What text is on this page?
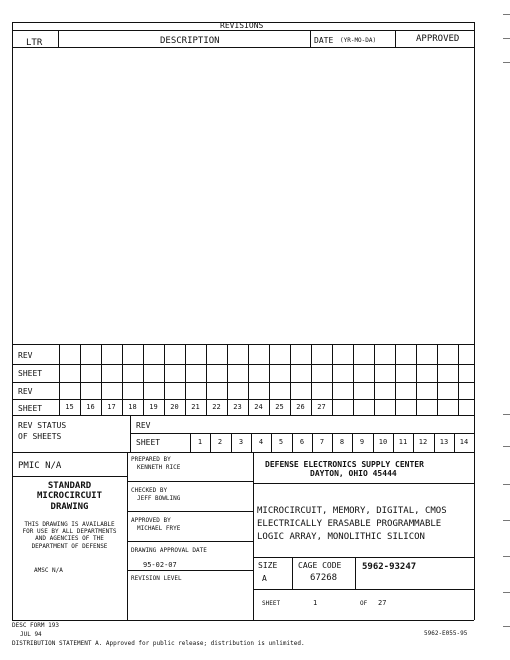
REVISIONS
LTR	DESCRIPTION	DATE (YR-MO-DA)	APPROVED
REV
SHEET
REV
SHEET	15	16	17	18	19	20	21	22	23	24	25	26	27
REV STATUS
OF SHEETS
REV
SHEET	1	2	3	4	5	6	7	8	9	10	11	12	13	14
PMIC N/A
STANDARD
MICROCIRCUIT
DRAWING
THIS DRAWING IS AVAILABLE
FOR USE BY ALL DEPARTMENTS
AND AGENCIES OF THE
DEPARTMENT OF DEFENSE
AMSC N/A
PREPARED BY
KENNETH RICE
CHECKED BY
JEFF BOWLING
APPROVED BY
MICHAEL FRYE
DRAWING APPROVAL DATE
95-02-07
REVISION LEVEL
DEFENSE ELECTRONICS SUPPLY CENTER
DAYTON, OHIO 45444
MICROCIRCUIT, MEMORY, DIGITAL, CMOS
ELECTRICALLY ERASABLE PROGRAMMABLE
LOGIC ARRAY, MONOLITHIC SILICON
SIZE
A
CAGE CODE
67268
5962-93247
SHEET	1	OF 27
DESC FORM 193
JUL 94
DISTRIBUTION STATEMENT A. Approved for public release; distribution is unlimited.
5962-E055-95
